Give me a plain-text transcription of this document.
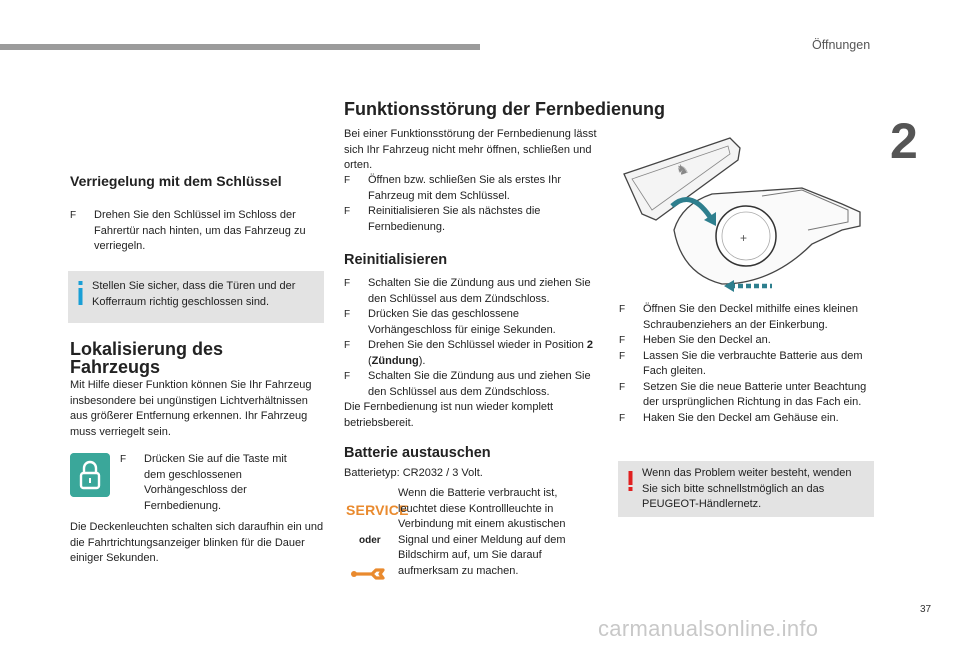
Öffnungen
2
Verriegelung mit dem Schlüssel
F Drehen Sie den Schlüssel im Schloss der Fahrertür nach hinten, um das Fahrzeug zu verriegeln.
Stellen Sie sicher, dass die Türen und der Kofferraum richtig geschlossen sind.
Lokalisierung des
Fahrzeugs
Mit Hilfe dieser Funktion können Sie Ihr Fahrzeug insbesondere bei ungünstigen Lichtverhältnissen aus größerer Entfernung erkennen. Ihr Fahrzeug muss verriegelt sein.
F Drücken Sie auf die Taste mit dem geschlossenen Vorhängeschloss der Fernbedienung.
Die Deckenleuchten schalten sich daraufhin ein und die Fahrtrichtungsanzeiger blinken für die Dauer einiger Sekunden.
Funktionsstörung der Fernbedienung
Bei einer Funktionsstörung der Fernbedienung lässt sich Ihr Fahrzeug nicht mehr öffnen, schließen und orten.
F Öffnen bzw. schließen Sie als erstes Ihr Fahrzeug mit dem Schlüssel.
F Reinitialisieren Sie als nächstes die Fernbedienung.
Reinitialisieren
F Schalten Sie die Zündung aus und ziehen Sie den Schlüssel aus dem Zündschloss.
F Drücken Sie das geschlossene Vorhängeschloss für einige Sekunden.
F Drehen Sie den Schlüssel wieder in Position 2 (Zündung).
F Schalten Sie die Zündung aus und ziehen Sie den Schlüssel aus dem Zündschloss.
Die Fernbedienung ist nun wieder komplett betriebsbereit.
Batterie austauschen
Batterietyp: CR2032 / 3 Volt.
SERVICE
oder
Wenn die Batterie verbraucht ist, leuchtet diese Kontrollleuchte in Verbindung mit einem akustischen Signal und einer Meldung auf dem Bildschirm auf, um Sie darauf aufmerksam zu machen.
♞
+
F Öffnen Sie den Deckel mithilfe eines kleinen Schraubenziehers an der Einkerbung.
F Heben Sie den Deckel an.
F Lassen Sie die verbrauchte Batterie aus dem Fach gleiten.
F Setzen Sie die neue Batterie unter Beachtung der ursprünglichen Richtung in das Fach ein.
F Haken Sie den Deckel am Gehäuse ein.
Wenn das Problem weiter besteht, wenden Sie sich bitte schnellstmöglich an das PEUGEOT-Händlernetz.
37
carmanualsonline.info
